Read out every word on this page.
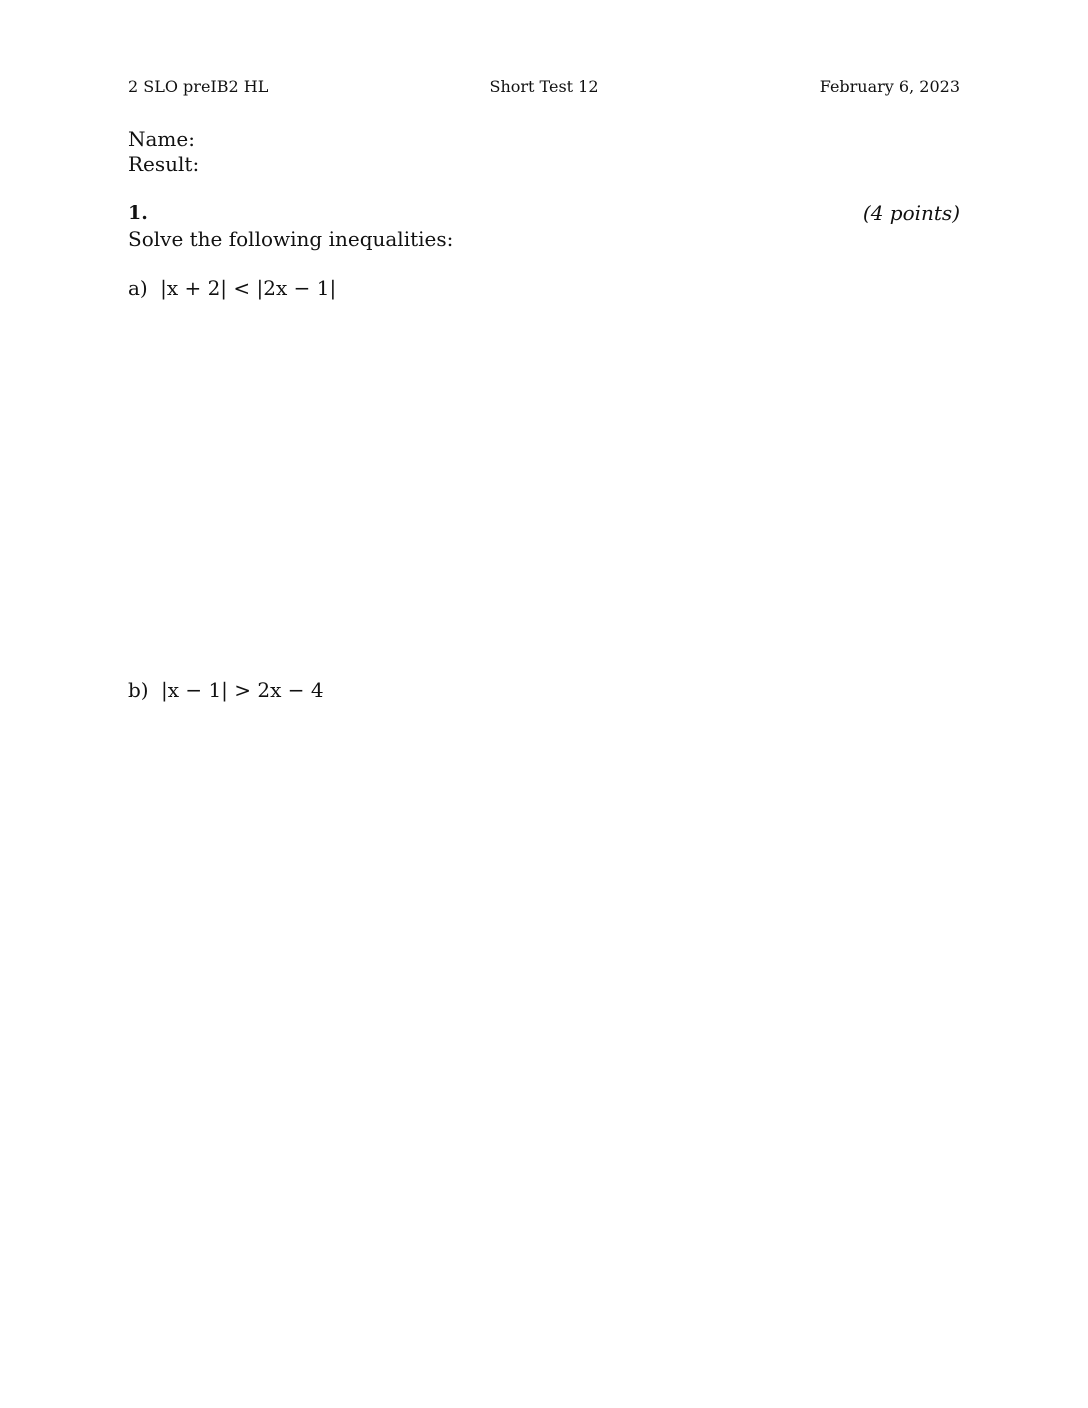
2 SLO preIB2 HL	Short Test 12	February 6, 2023
Name:
Result:
1.	(4 points)
Solve the following inequalities:
a) |x + 2| < |2x − 1|
b) |x − 1| > 2x − 4
